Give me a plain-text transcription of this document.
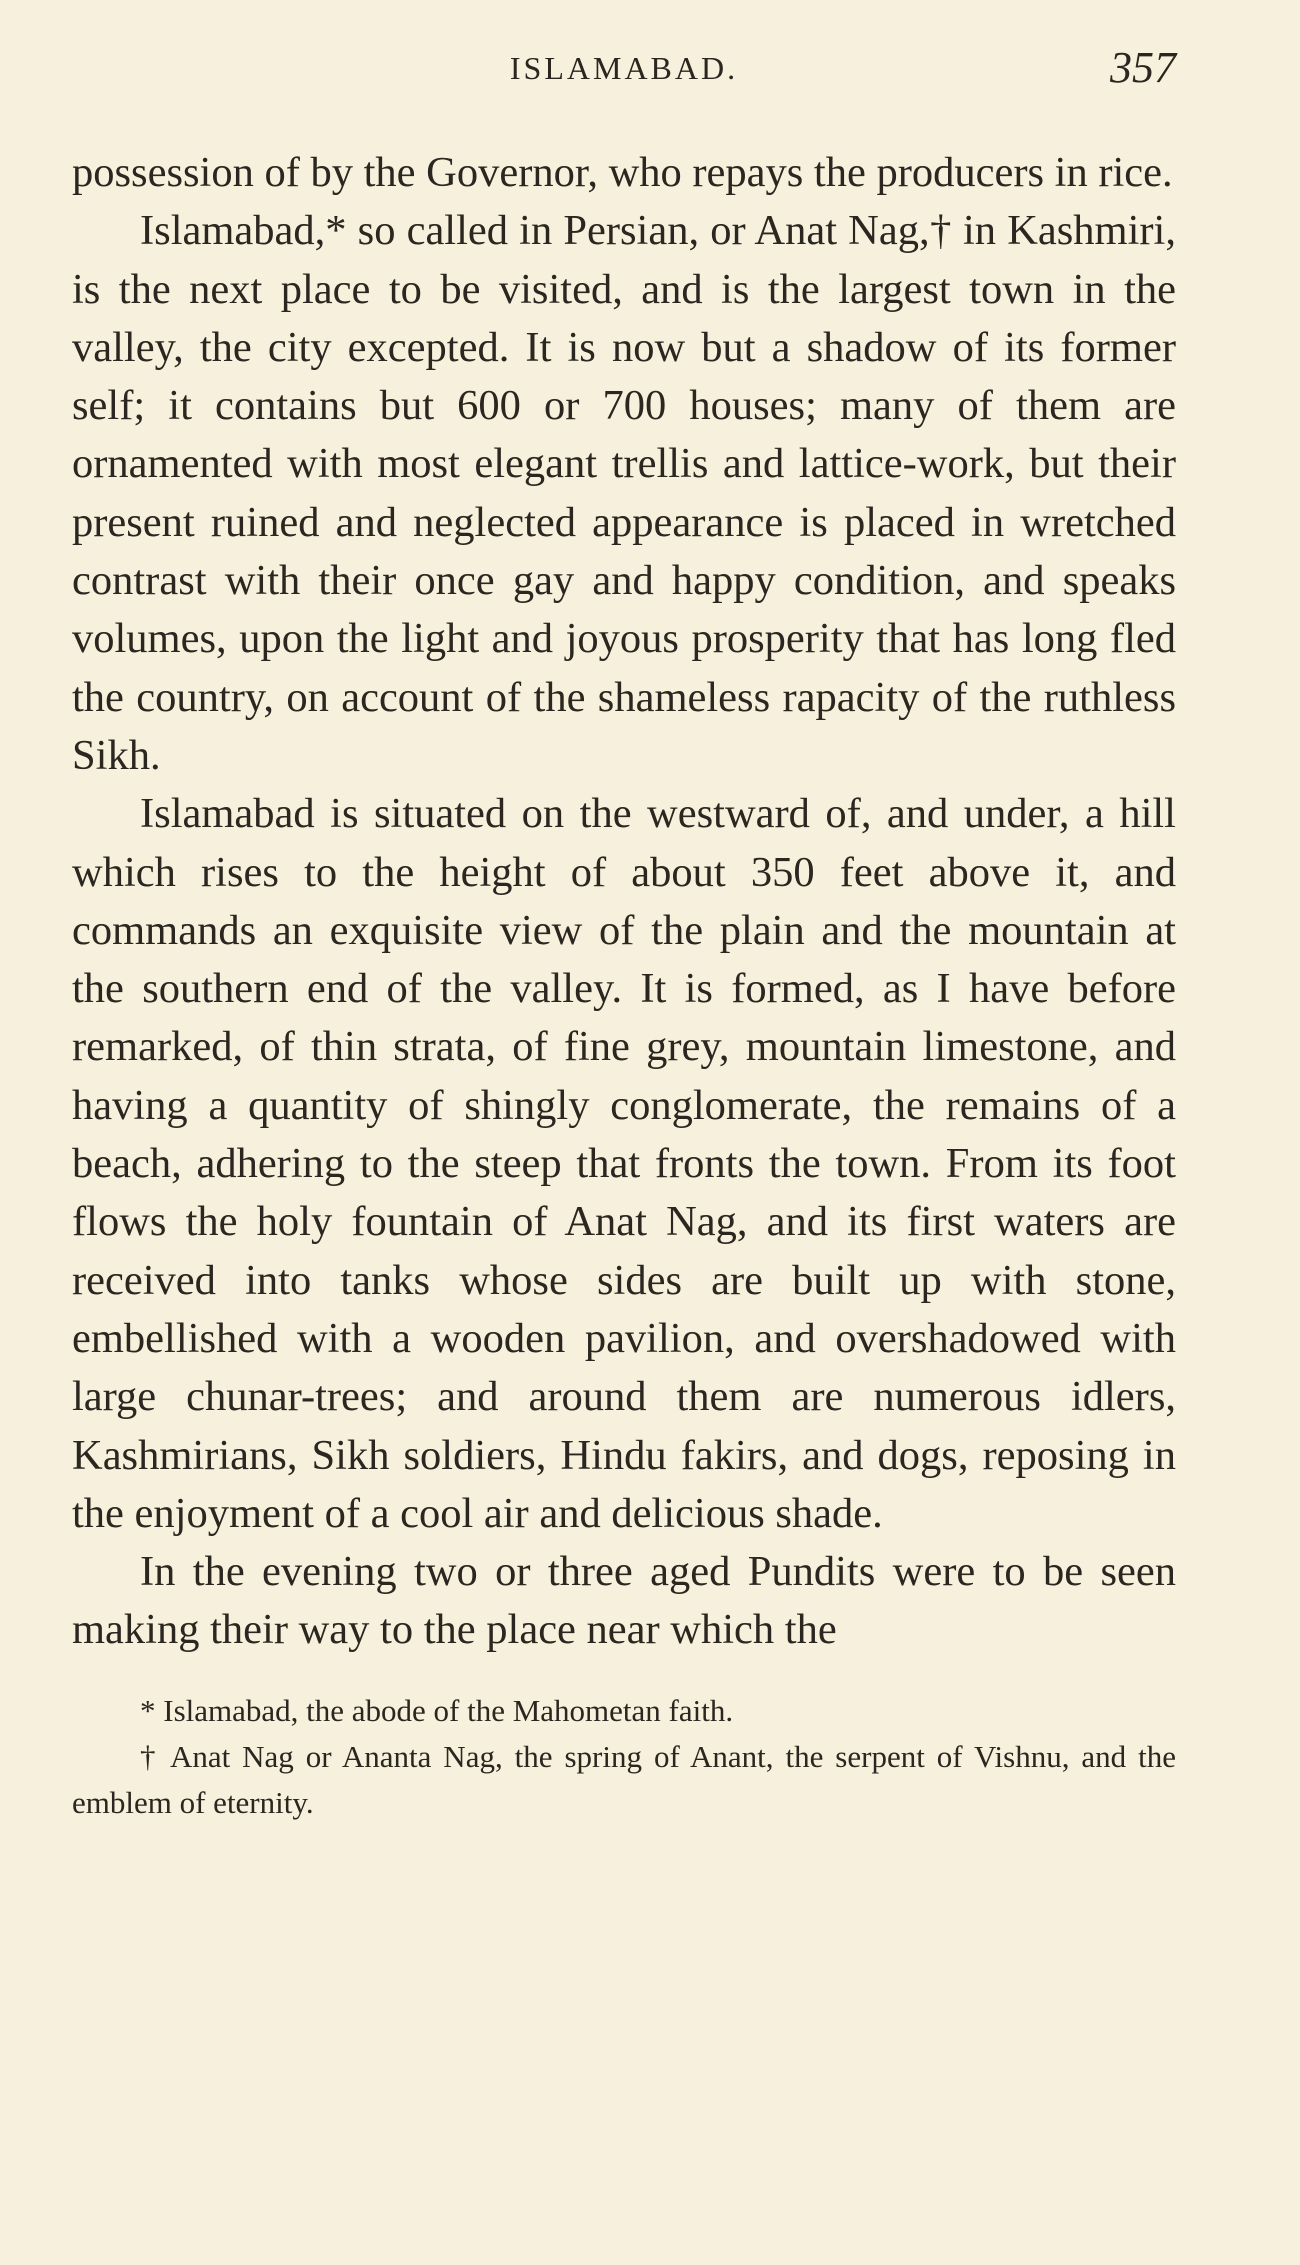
ISLAMABAD.	357

possession of by the Governor, who repays the producers in rice.

Islamabad,* so called in Persian, or Anat Nag,† in Kashmiri, is the next place to be visited, and is the largest town in the valley, the city excepted. It is now but a shadow of its former self; it contains but 600 or 700 houses; many of them are ornamented with most elegant trellis and lattice-work, but their present ruined and neglected appearance is placed in wretched contrast with their once gay and happy condition, and speaks volumes, upon the light and joyous prosperity that has long fled the country, on account of the shameless rapacity of the ruthless Sikh.

Islamabad is situated on the westward of, and under, a hill which rises to the height of about 350 feet above it, and commands an exquisite view of the plain and the mountain at the southern end of the valley. It is formed, as I have before remarked, of thin strata, of fine grey, mountain limestone, and having a quantity of shingly conglomerate, the remains of a beach, adhering to the steep that fronts the town. From its foot flows the holy fountain of Anat Nag, and its first waters are received into tanks whose sides are built up with stone, embellished with a wooden pavilion, and overshadowed with large chunar-trees; and around them are numerous idlers, Kashmirians, Sikh soldiers, Hindu fakirs, and dogs, reposing in the enjoyment of a cool air and delicious shade.

In the evening two or three aged Pundits were to be seen making their way to the place near which the

* Islamabad, the abode of the Mahometan faith.

† Anat Nag or Ananta Nag, the spring of Anant, the serpent of Vishnu, and the emblem of eternity.
